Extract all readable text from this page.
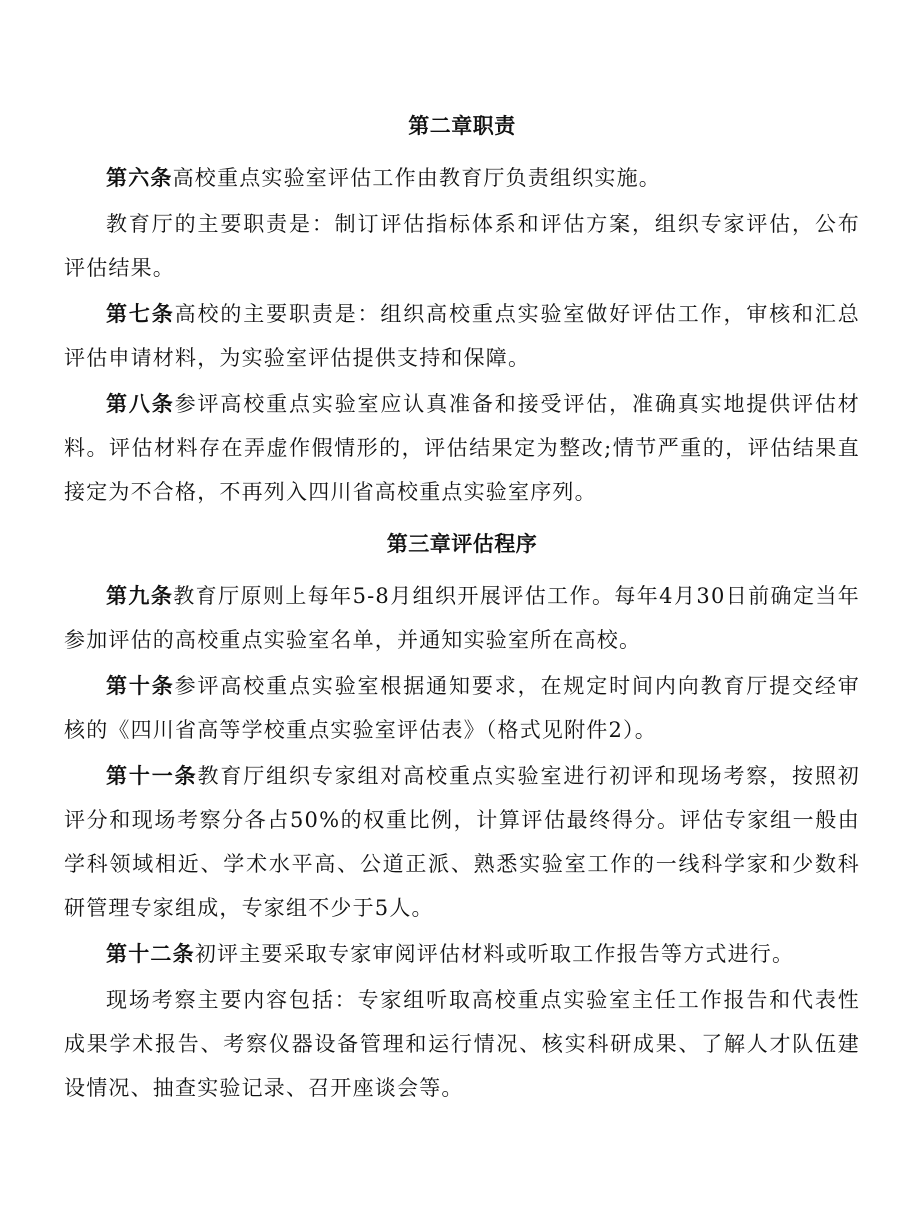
第二章职责

第六条高校重点实验室评估工作由教育厅负责组织实施。

教育厅的主要职责是：制订评估指标体系和评估方案，组织专家评估，公布评估结果。

第七条高校的主要职责是：组织高校重点实验室做好评估工作，审核和汇总评估申请材料，为实验室评估提供支持和保障。

第八条参评高校重点实验室应认真准备和接受评估，准确真实地提供评估材料。评估材料存在弄虚作假情形的，评估结果定为整改;情节严重的，评估结果直接定为不合格，不再列入四川省高校重点实验室序列。

第三章评估程序

第九条教育厅原则上每年5-8月组织开展评估工作。每年4月30日前确定当年参加评估的高校重点实验室名单，并通知实验室所在高校。

第十条参评高校重点实验室根据通知要求，在规定时间内向教育厅提交经审核的《四川省高等学校重点实验室评估表》（格式见附件2）。

第十一条教育厅组织专家组对高校重点实验室进行初评和现场考察，按照初评分和现场考察分各占50%的权重比例，计算评估最终得分。评估专家组一般由学科领域相近、学术水平高、公道正派、熟悉实验室工作的一线科学家和少数科研管理专家组成，专家组不少于5人。

第十二条初评主要采取专家审阅评估材料或听取工作报告等方式进行。

现场考察主要内容包括：专家组听取高校重点实验室主任工作报告和代表性成果学术报告、考察仪器设备管理和运行情况、核实科研成果、了解人才队伍建设情况、抽查实验记录、召开座谈会等。
